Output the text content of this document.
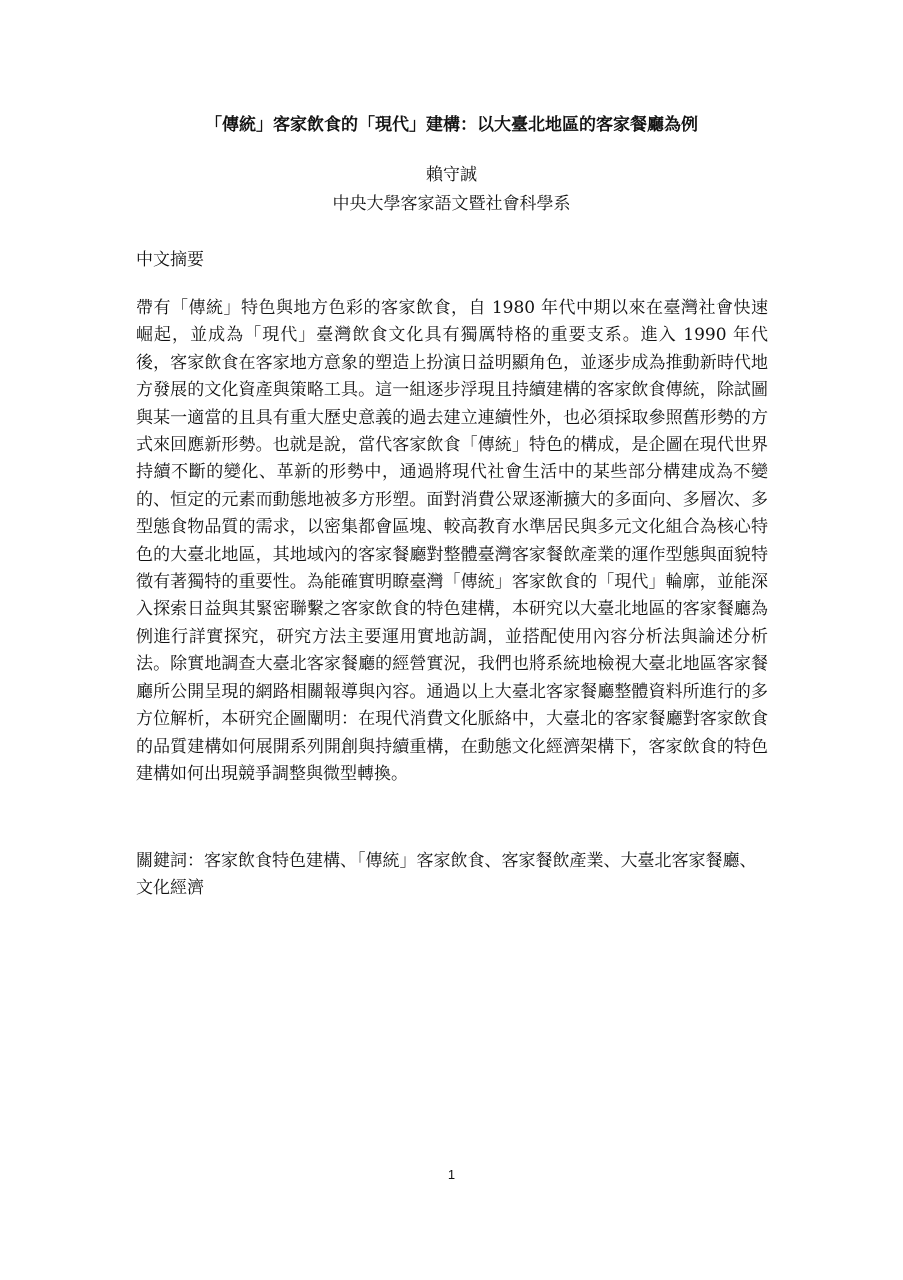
「傳統」客家飲食的「現代」建構：以大臺北地區的客家餐廳為例
賴守誠
中央大學客家語文暨社會科學系
中文摘要

帶有「傳統」特色與地方色彩的客家飲食，自 1980 年代中期以來在臺灣社會快速崛起，並成為「現代」臺灣飲食文化具有獨厲特格的重要支系。進入 1990 年代後，客家飲食在客家地方意象的塑造上扮演日益明顯角色，並逐步成為推動新時代地方發展的文化資產與策略工具。這一組逐步浮現且持續建構的客家飲食傳統，除試圖與某一適當的且具有重大歷史意義的過去建立連續性外，也必須採取參照舊形勢的方式來回應新形勢。也就是說，當代客家飲食「傳統」特色的構成，是企圖在現代世界持續不斷的變化、革新的形勢中，通過將現代社會生活中的某些部分構建成為不變的、恒定的元素而動態地被多方形塑。面對消費公眾逐漸擴大的多面向、多層次、多型態食物品質的需求，以密集都會區塊、較高教育水準居民與多元文化組合為核心特色的大臺北地區，其地域內的客家餐廳對整體臺灣客家餐飲產業的運作型態與面貌特徵有著獨特的重要性。為能確實明瞭臺灣「傳統」客家飲食的「現代」輪廓，並能深入探索日益與其緊密聯繫之客家飲食的特色建構，本研究以大臺北地區的客家餐廳為例進行詳實探究，研究方法主要運用實地訪調，並搭配使用內容分析法與論述分析法。除實地調查大臺北客家餐廳的經營實況，我們也將系統地檢視大臺北地區客家餐廳所公開呈現的網路相關報導與內容。通過以上大臺北客家餐廳整體資料所進行的多方位解析，本研究企圖闡明：在現代消費文化脈絡中，大臺北的客家餐廳對客家飲食的品質建構如何展開系列開創與持續重構，在動態文化經濟架構下，客家飲食的特色建構如何出現競爭調整與微型轉換。

關鍵詞：客家飲食特色建構、「傳統」客家飲食、客家餐飲產業、大臺北客家餐廳、文化經濟

1
